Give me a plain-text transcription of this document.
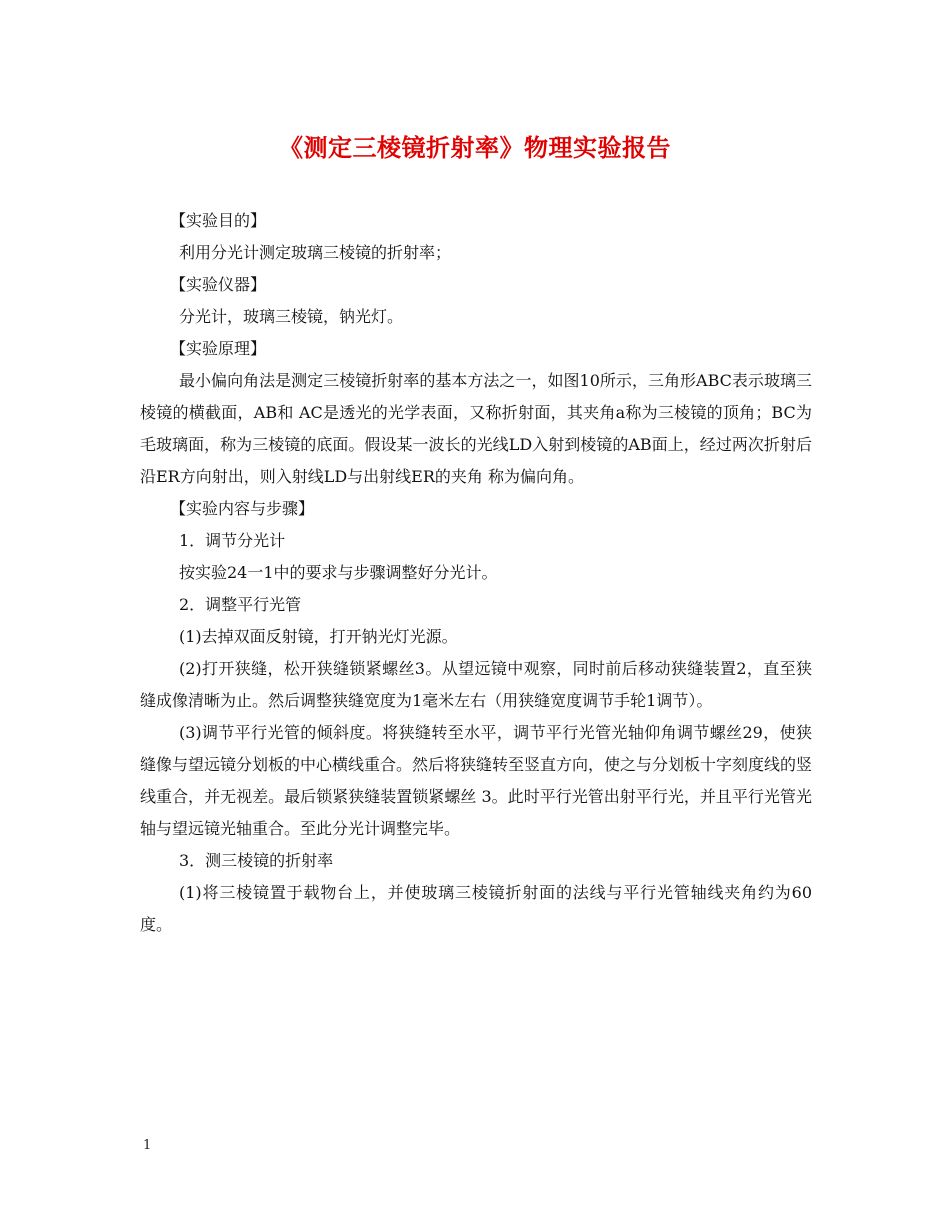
《测定三棱镜折射率》物理实验报告

【实验目的】

利用分光计测定玻璃三棱镜的折射率；

【实验仪器】

分光计，玻璃三棱镜，钠光灯。

【实验原理】

最小偏向角法是测定三棱镜折射率的基本方法之一，如图10所示，三角形ABC表示玻璃三棱镜的横截面，AB和 AC是透光的光学表面，又称折射面，其夹角a称为三棱镜的顶角；BC为毛玻璃面，称为三棱镜的底面。假设某一波长的光线LD入射到棱镜的AB面上，经过两次折射后沿ER方向射出，则入射线LD与出射线ER的夹角 称为偏向角。

【实验内容与步骤】

1．调节分光计

按实验24一1中的要求与步骤调整好分光计。

2．调整平行光管

(1)去掉双面反射镜，打开钠光灯光源。

(2)打开狭缝，松开狭缝锁紧螺丝3。从望远镜中观察，同时前后移动狭缝装置2，直至狭缝成像清晰为止。然后调整狭缝宽度为1毫米左右（用狭缝宽度调节手轮1调节）。

(3)调节平行光管的倾斜度。将狭缝转至水平，调节平行光管光轴仰角调节螺丝29，使狭缝像与望远镜分划板的中心横线重合。然后将狭缝转至竖直方向，使之与分划板十字刻度线的竖线重合，并无视差。最后锁紧狭缝装置锁紧螺丝 3。此时平行光管出射平行光，并且平行光管光轴与望远镜光轴重合。至此分光计调整完毕。

3．测三棱镜的折射率

(1)将三棱镜置于载物台上，并使玻璃三棱镜折射面的法线与平行光管轴线夹角约为60度。

1
